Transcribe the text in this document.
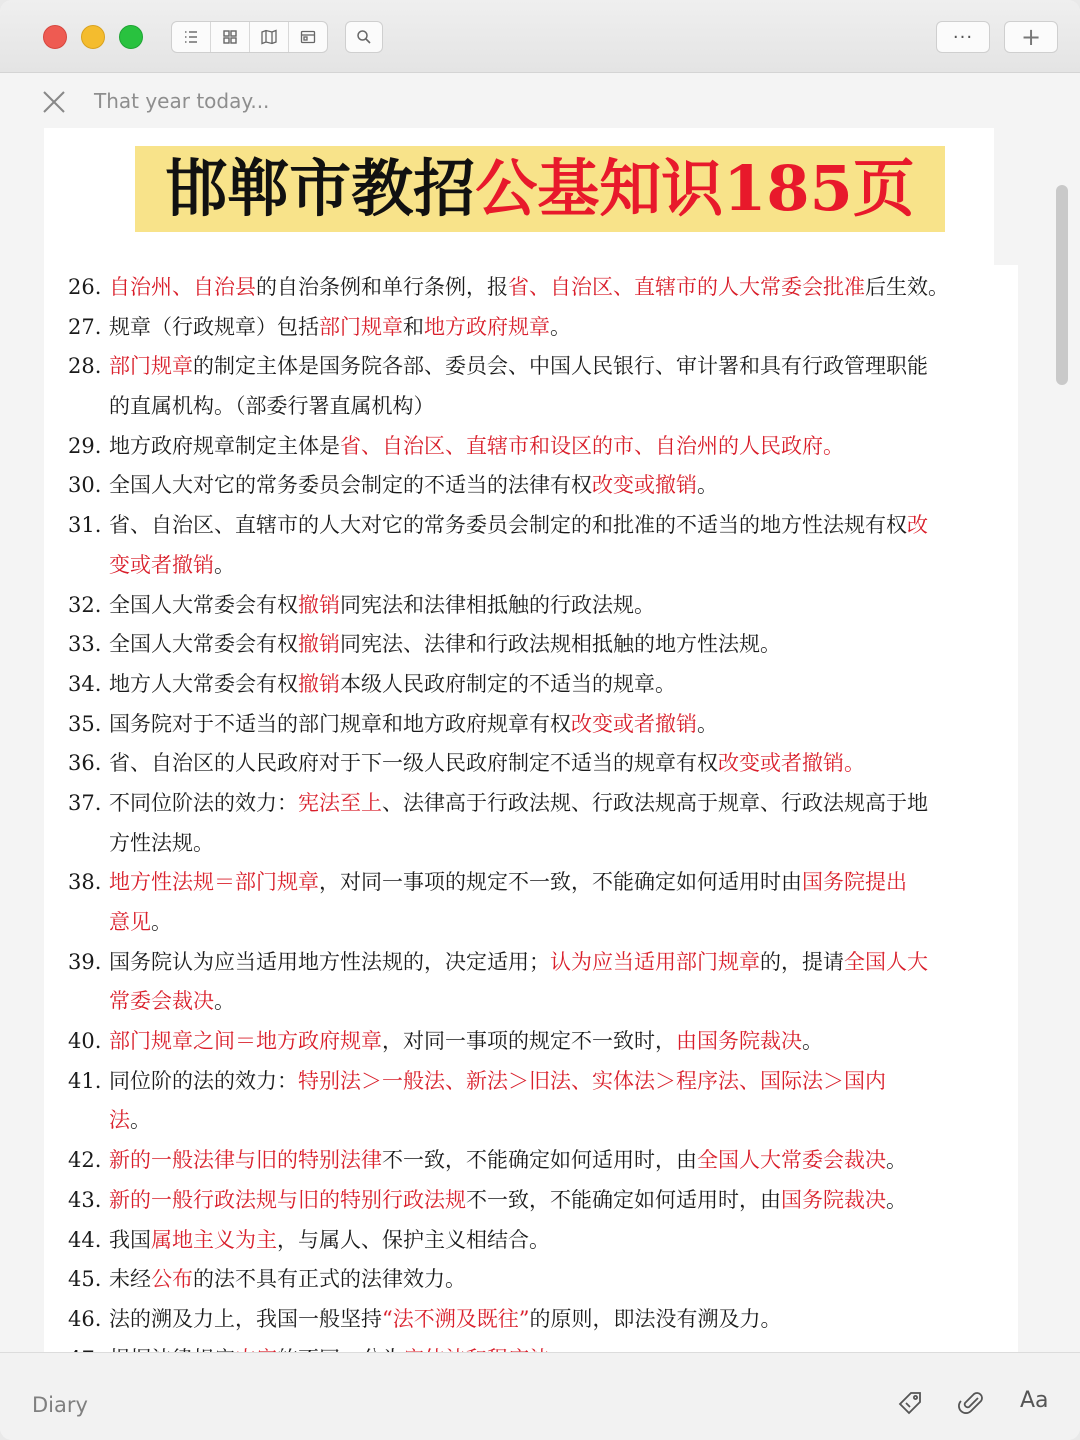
···	+
That year today...
邯郸市教招 公基知识185页
26. 自治州、自治县的自治条例和单行条例，报省、自治区、直辖市的人大常委会批准后生效。
27. 规章（行政规章）包括部门规章和地方政府规章。
28. 部门规章的制定主体是国务院各部、委员会、中国人民银行、审计署和具有行政管理职能
的直属机构。（部委行署直属机构）
29. 地方政府规章制定主体是省、自治区、直辖市和设区的市、自治州的人民政府。
30. 全国人大对它的常务委员会制定的不适当的法律有权改变或撤销。
31. 省、自治区、直辖市的人大对它的常务委员会制定的和批准的不适当的地方性法规有权改
变或者撤销。
32. 全国人大常委会有权撤销同宪法和法律相抵触的行政法规。
33. 全国人大常委会有权撤销同宪法、法律和行政法规相抵触的地方性法规。
34. 地方人大常委会有权撤销本级人民政府制定的不适当的规章。
35. 国务院对于不适当的部门规章和地方政府规章有权改变或者撤销。
36. 省、自治区的人民政府对于下一级人民政府制定不适当的规章有权改变或者撤销。
37. 不同位阶法的效力：宪法至上、法律高于行政法规、行政法规高于规章、行政法规高于地
方性法规。
38. 地方性法规＝部门规章，对同一事项的规定不一致，不能确定如何适用时由国务院提出
意见。
39. 国务院认为应当适用地方性法规的，决定适用；认为应当适用部门规章的，提请全国人大
常委会裁决。
40. 部门规章之间＝地方政府规章，对同一事项的规定不一致时，由国务院裁决。
41. 同位阶的法的效力：特别法＞一般法、新法＞旧法、实体法＞程序法、国际法＞国内
法。
42. 新的一般法律与旧的特别法律不一致，不能确定如何适用时，由全国人大常委会裁决。
43. 新的一般行政法规与旧的特别行政法规不一致，不能确定如何适用时，由国务院裁决。
44. 我国属地主义为主，与属人、保护主义相结合。
45. 未经公布的法不具有正式的法律效力。
46. 法的溯及力上，我国一般坚持“法不溯及既往”的原则，即法没有溯及力。
Diary	Aa
